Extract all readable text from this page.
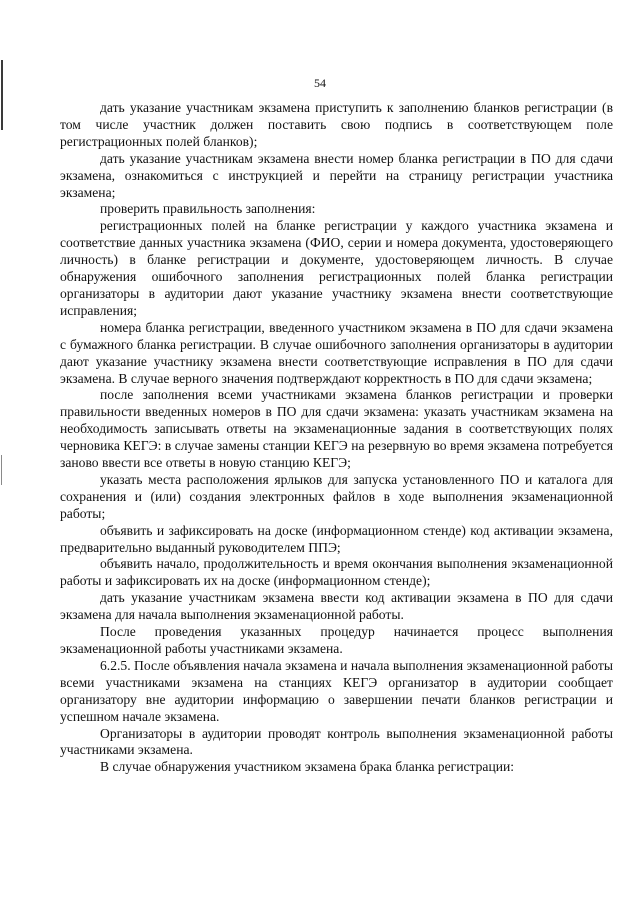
54

дать указание участникам экзамена приступить к заполнению бланков регистрации (в том числе участник должен поставить свою подпись в соответствующем поле регистрационных полей бланков);

дать указание участникам экзамена внести номер бланка регистрации в ПО для сдачи экзамена, ознакомиться с инструкцией и перейти на страницу регистрации участника экзамена;

проверить правильность заполнения:

регистрационных полей на бланке регистрации у каждого участника экзамена и соответствие данных участника экзамена (ФИО, серии и номера документа, удостоверяющего личность) в бланке регистрации и документе, удостоверяющем личность. В случае обнаружения ошибочного заполнения регистрационных полей бланка регистрации организаторы в аудитории дают указание участнику экзамена внести соответствующие исправления;

номера бланка регистрации, введенного участником экзамена в ПО для сдачи экзамена с бумажного бланка регистрации. В случае ошибочного заполнения организаторы в аудитории дают указание участнику экзамена внести соответствующие исправления в ПО для сдачи экзамена. В случае верного значения подтверждают корректность в ПО для сдачи экзамена;

после заполнения всеми участниками экзамена бланков регистрации и проверки правильности введенных номеров в ПО для сдачи экзамена: указать участникам экзамена на необходимость записывать ответы на экзаменационные задания в соответствующих полях черновика КЕГЭ: в случае замены станции КЕГЭ на резервную во время экзамена потребуется заново ввести все ответы в новую станцию КЕГЭ;

указать места расположения ярлыков для запуска установленного ПО и каталога для сохранения и (или) создания электронных файлов в ходе выполнения экзаменационной работы;

объявить и зафиксировать на доске (информационном стенде) код активации экзамена, предварительно выданный руководителем ППЭ;

объявить начало, продолжительность и время окончания выполнения экзаменационной работы и зафиксировать их на доске (информационном стенде);

дать указание участникам экзамена ввести код активации экзамена в ПО для сдачи экзамена для начала выполнения экзаменационной работы.

После проведения указанных процедур начинается процесс выполнения экзаменационной работы участниками экзамена.

6.2.5. После объявления начала экзамена и начала выполнения экзаменационной работы всеми участниками экзамена на станциях КЕГЭ организатор в аудитории сообщает организатору вне аудитории информацию о завершении печати бланков регистрации и успешном начале экзамена.

Организаторы в аудитории проводят контроль выполнения экзаменационной работы участниками экзамена.

В случае обнаружения участником экзамена брака бланка регистрации:
